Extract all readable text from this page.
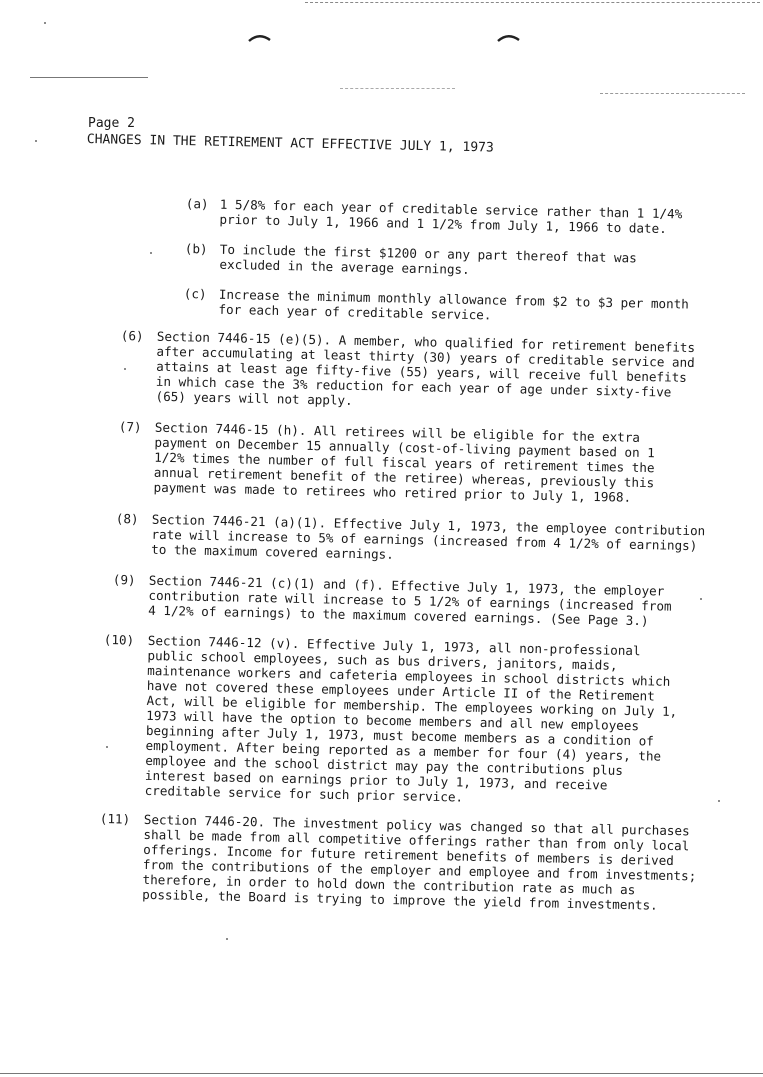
Page 2
CHANGES IN THE RETIREMENT ACT EFFECTIVE JULY 1, 1973
(a) 1 5/8% for each year of creditable service rather than 1 1/4% prior to July 1, 1966 and 1 1/2% from July 1, 1966 to date.
(b) To include the first $1200 or any part thereof that was excluded in the average earnings.
(c) Increase the minimum monthly allowance from $2 to $3 per month for each year of creditable service.
(6)	Section 7446-15 (e)(5). A member, who qualified for retirement benefits after accumulating at least thirty (30) years of creditable service and attains at least age fifty-five (55) years, will receive full benefits in which case the 3% reduction for each year of age under sixty-five (65) years will not apply.
(7)	Section 7446-15 (h). All retirees will be eligible for the extra payment on December 15 annually (cost-of-living payment based on 1 1/2% times the number of full fiscal years of retirement times the annual retirement benefit of the retiree) whereas, previously this payment was made to retirees who retired prior to July 1, 1968.
(8)	Section 7446-21 (a)(1). Effective July 1, 1973, the employee contribution rate will increase to 5% of earnings (increased from 4 1/2% of earnings) to the maximum covered earnings.
(9)	Section 7446-21 (c)(1) and (f). Effective July 1, 1973, the employer contribution rate will increase to 5 1/2% of earnings (increased from 4 1/2% of earnings) to the maximum covered earnings. (See Page 3.)
(10)	Section 7446-12 (v). Effective July 1, 1973, all non-professional public school employees, such as bus drivers, janitors, maids, maintenance workers and cafeteria employees in school districts which have not covered these employees under Article II of the Retirement Act, will be eligible for membership. The employees working on July 1, 1973 will have the option to become members and all new employees beginning after July 1, 1973, must become members as a condition of employment. After being reported as a member for four (4) years, the employee and the school district may pay the contributions plus interest based on earnings prior to July 1, 1973, and receive creditable service for such prior service.
(11)	Section 7446-20. The investment policy was changed so that all purchases shall be made from all competitive offerings rather than from only local offerings. Income for future retirement benefits of members is derived from the contributions of the employer and employee and from investments; therefore, in order to hold down the contribution rate as much as possible, the Board is trying to improve the yield from investments.
